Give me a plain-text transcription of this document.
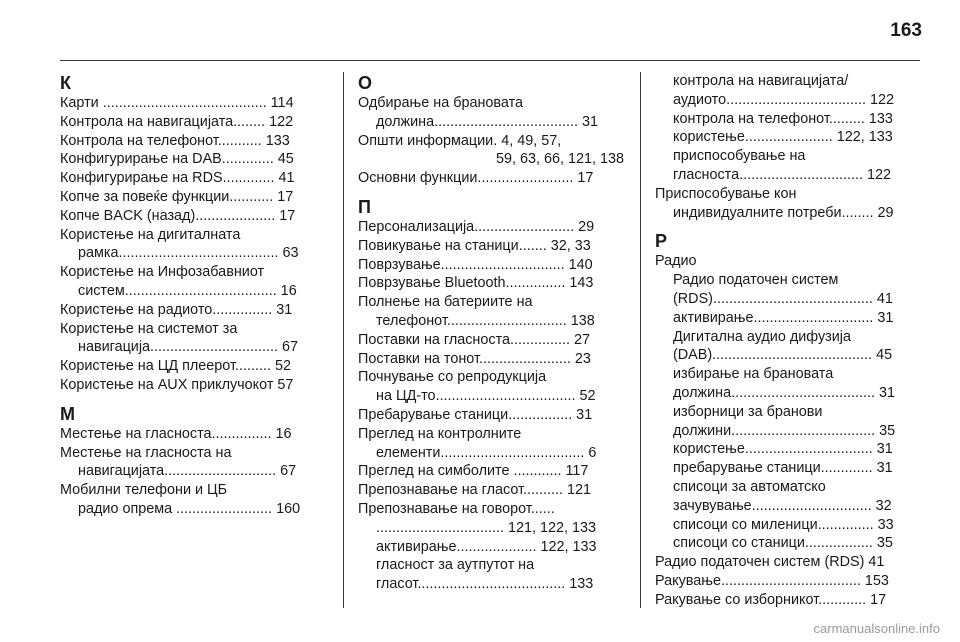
163
К
Карти ......................................... 114
Контрола на навигацијата........ 122
Контрола на телефонот........... 133
Конфигурирање на DAB............. 45
Конфигурирање на RDS............. 41
Копче за повеќе функции........... 17
Копче BACK (назад).................... 17
Користење на дигиталната
рамка........................................ 63
Користење на Инфозабавниот
систем...................................... 16
Користење на радиото............... 31
Користење на системот за
навигација................................ 67
Користење на ЦД плеерот......... 52
Користење на AUX приклучокот 57
М
Местење на гласноста............... 16
Местење на гласноста на
навигацијата............................ 67
Мобилни телефони и ЦБ
радио опрема ........................ 160
О
Одбирање на брановата
должина.................................... 31
Општи информации. 4, 49, 57,
59, 63, 66, 121, 138
Основни функции........................ 17
П
Персонализација......................... 29
Повикување на станици....... 32, 33
Поврзување............................... 140
Поврзување Bluetooth............... 143
Полнење на батериите на
телефонот.............................. 138
Поставки на гласноста............... 27
Поставки на тонот....................... 23
Почнување со репродукција
на ЦД-то................................... 52
Пребарување станици................ 31
Преглед на контролните
елементи.................................... 6
Преглед на симболите ............ 117
Препознавање на гласот.......... 121
Препознавање на говорот......
................................ 121, 122, 133
активирање.................... 122, 133
гласност за аутпутот на
гласот..................................... 133
контрола на навигацијата/
аудиото................................... 122
контрола на телефонот......... 133
користење...................... 122, 133
приспособување на
гласноста............................... 122
Приспособување кон
индивидуалните потреби........ 29
Р
Радио
Радио податочен систем
(RDS)........................................ 41
активирање.............................. 31
Дигитална аудио дифузија
(DAB)........................................ 45
избирање на брановата
должина.................................... 31
изборници за бранови
должини.................................... 35
користење................................ 31
пребарување станици............. 31
списоци за автоматско
зачувување.............................. 32
списоци со миленици.............. 33
списоци со станици................. 35
Радио податочен систем (RDS) 41
Ракување................................... 153
Ракување со изборникот............ 17
carmanualsonline.info
